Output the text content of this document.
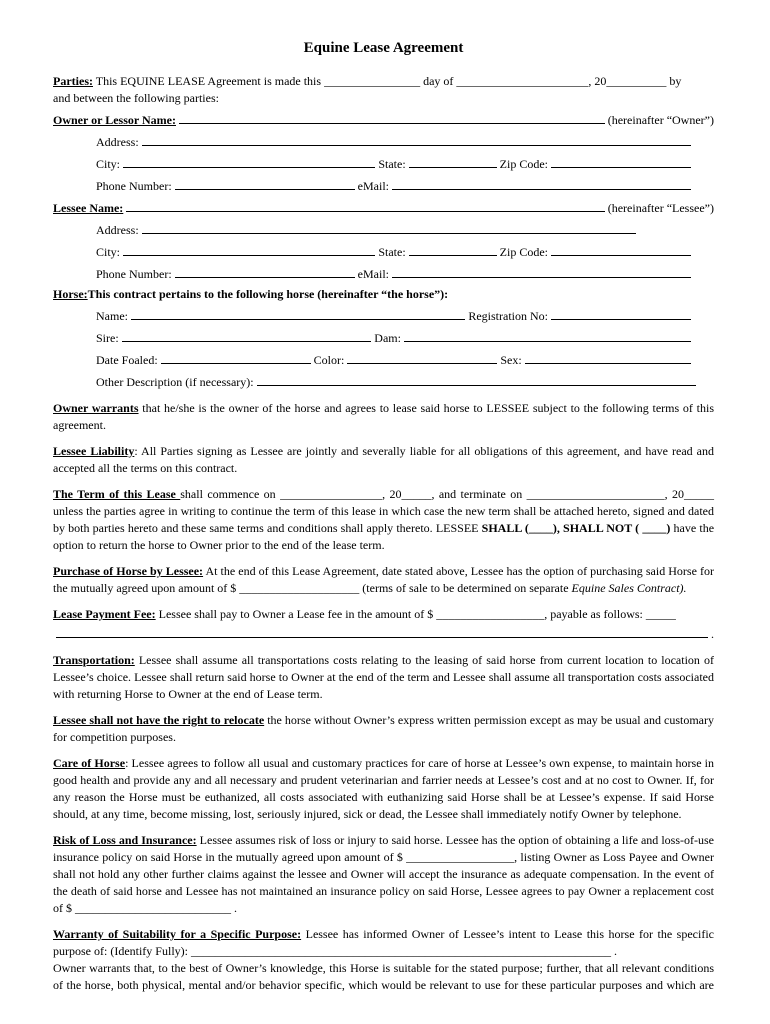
Equine Lease Agreement
Parties: This EQUINE LEASE Agreement is made this ________________ day of ______________________, 20__________ by
and between the following parties:
Owner or Lessor Name:	(hereinafter “Owner”)
Address:
City:	State:	Zip Code:
Phone Number:	eMail:
Lessee Name:	(hereinafter “Lessee”)
Address:
City:	State:	Zip Code:
Phone Number:	eMail:
Horse: This contract pertains to the following horse (hereinafter “the horse”):
Name:	Registration No:
Sire:	Dam:
Date Foaled:	Color:	Sex:
Other Description (if necessary):
Owner warrants that he/she is the owner of the horse and agrees to lease said horse to LESSEE subject to the following terms of this agreement.
Lessee Liability: All Parties signing as Lessee are jointly and severally liable for all obligations of this agreement, and have read and accepted all the terms on this contract.
The Term of this Lease shall commence on _________________, 20_____, and terminate on _______________________, 20_____ unless the parties agree in writing to continue the term of this lease in which case the new term shall be attached hereto, signed and dated by both parties hereto and these same terms and conditions shall apply thereto. LESSEE SHALL (____), SHALL NOT ( ____) have the option to return the horse to Owner prior to the end of the lease term.
Purchase of Horse by Lessee: At the end of this Lease Agreement, date stated above, Lessee has the option of purchasing said Horse for the mutually agreed upon amount of $ ____________________ (terms of sale to be determined on separate Equine Sales Contract).
Lease Payment Fee: Lessee shall pay to Owner a Lease fee in the amount of $ __________________, payable as follows: _____
.
Transportation: Lessee shall assume all transportations costs relating to the leasing of said horse from current location to location of Lessee’s choice. Lessee shall return said horse to Owner at the end of the term and Lessee shall assume all transportation costs associated with returning Horse to Owner at the end of Lease term.
Lessee shall not have the right to relocate the horse without Owner’s express written permission except as may be usual and customary for competition purposes.
Care of Horse: Lessee agrees to follow all usual and customary practices for care of horse at Lessee’s own expense, to maintain horse in good health and provide any and all necessary and prudent veterinarian and farrier needs at Lessee’s cost and at no cost to Owner. If, for any reason the Horse must be euthanized, all costs associated with euthanizing said Horse shall be at Lessee’s expense. If said Horse should, at any time, become missing, lost, seriously injured, sick or dead, the Lessee shall immediately notify Owner by telephone.
Risk of Loss and Insurance: Lessee assumes risk of loss or injury to said horse. Lessee has the option of obtaining a life and loss-of-use insurance policy on said Horse in the mutually agreed upon amount of $ __________________, listing Owner as Loss Payee and Owner shall not hold any other further claims against the lessee and Owner will accept the insurance as adequate compensation. In the event of the death of said horse and Lessee has not maintained an insurance policy on said Horse, Lessee agrees to pay Owner a replacement cost of $ __________________________ .
Warranty of Suitability for a Specific Purpose: Lessee has informed Owner of Lessee’s intent to Lease this horse for the specific purpose of: (Identify Fully): ______________________________________________________________________ .
Owner warrants that, to the best of Owner’s knowledge, this Horse is suitable for the stated purpose; further, that all relevant conditions of the horse, both physical, mental and/or behavior specific, which would be relevant to use for these particular purposes and which are
